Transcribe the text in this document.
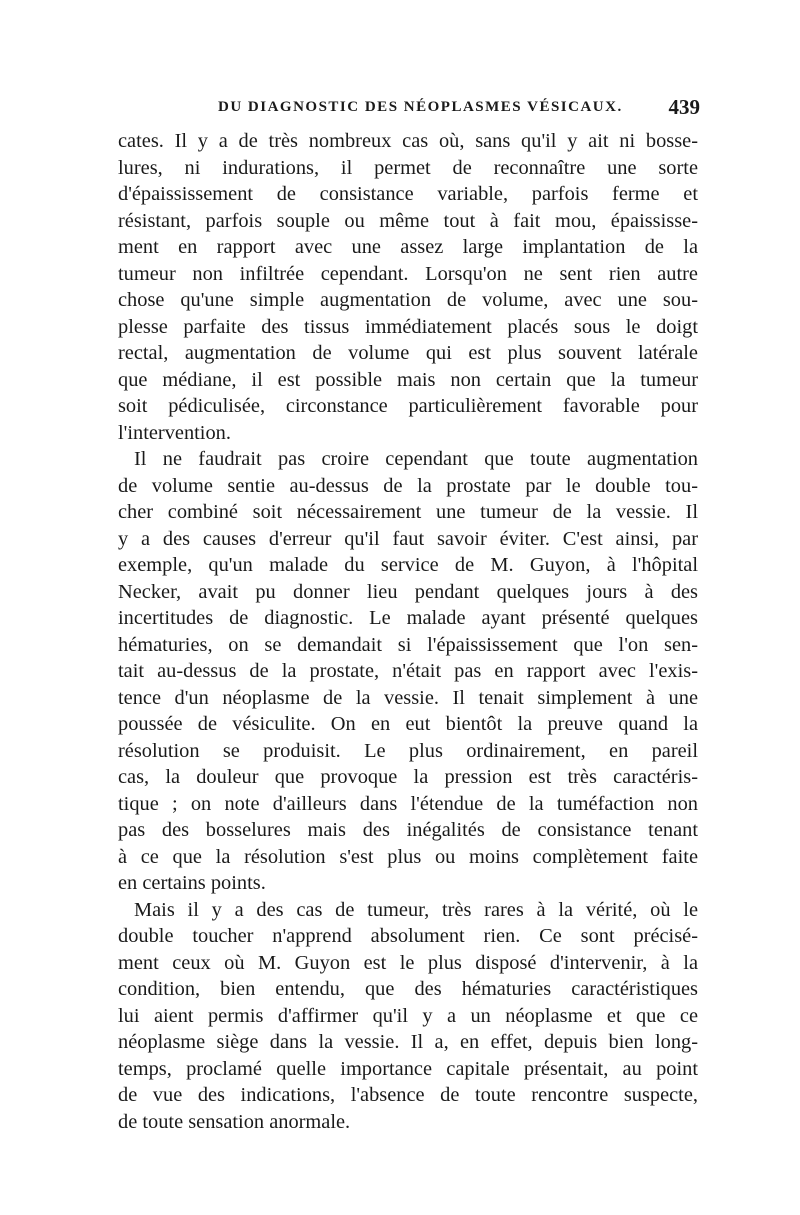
DU DIAGNOSTIC DES NÉOPLASMES VÉSICAUX. 439
cates. Il y a de très nombreux cas où, sans qu'il y ait ni bosse-
lures, ni indurations, il permet de reconnaître une sorte
d'épaississement de consistance variable, parfois ferme et
résistant, parfois souple ou même tout à fait mou, épaississe-
ment en rapport avec une assez large implantation de la
tumeur non infiltrée cependant. Lorsqu'on ne sent rien autre
chose qu'une simple augmentation de volume, avec une sou-
plesse parfaite des tissus immédiatement placés sous le doigt
rectal, augmentation de volume qui est plus souvent latérale
que médiane, il est possible mais non certain que la tumeur
soit pédiculisée, circonstance particulièrement favorable pour
l'intervention.
Il ne faudrait pas croire cependant que toute augmentation
de volume sentie au-dessus de la prostate par le double tou-
cher combiné soit nécessairement une tumeur de la vessie. Il
y a des causes d'erreur qu'il faut savoir éviter. C'est ainsi, par
exemple, qu'un malade du service de M. Guyon, à l'hôpital
Necker, avait pu donner lieu pendant quelques jours à des
incertitudes de diagnostic. Le malade ayant présenté quelques
hématuries, on se demandait si l'épaississement que l'on sen-
tait au-dessus de la prostate, n'était pas en rapport avec l'exis-
tence d'un néoplasme de la vessie. Il tenait simplement à une
poussée de vésiculite. On en eut bientôt la preuve quand la
résolution se produisit. Le plus ordinairement, en pareil
cas, la douleur que provoque la pression est très caractéris-
tique ; on note d'ailleurs dans l'étendue de la tuméfaction non
pas des bosselures mais des inégalités de consistance tenant
à ce que la résolution s'est plus ou moins complètement faite
en certains points.
Mais il y a des cas de tumeur, très rares à la vérité, où le
double toucher n'apprend absolument rien. Ce sont précisé-
ment ceux où M. Guyon est le plus disposé d'intervenir, à la
condition, bien entendu, que des hématuries caractéristiques
lui aient permis d'affirmer qu'il y a un néoplasme et que ce
néoplasme siège dans la vessie. Il a, en effet, depuis bien long-
temps, proclamé quelle importance capitale présentait, au point
de vue des indications, l'absence de toute rencontre suspecte,
de toute sensation anormale.
